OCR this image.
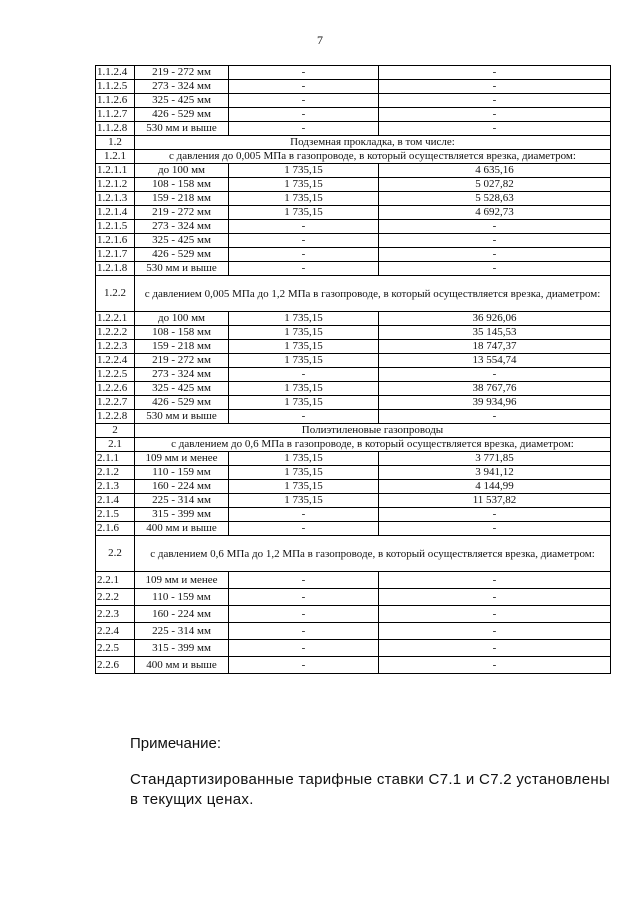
7
1.1.2.4	219 - 272 мм	-	-
1.1.2.5	273 - 324 мм	-	-
1.1.2.6	325 - 425 мм	-	-
1.1.2.7	426 - 529 мм	-	-
1.1.2.8	530 мм и выше	-	-
1.2	Подземная прокладка, в том числе:		
1.2.1	с давления до 0,005 МПа в газопроводе, в который осуществляется врезка, диаметром:		
1.2.1.1	до 100 мм	1 735,15	4 635,16
1.2.1.2	108 - 158 мм	1 735,15	5 027,82
1.2.1.3	159 - 218 мм	1 735,15	5 528,63
1.2.1.4	219 - 272 мм	1 735,15	4 692,73
1.2.1.5	273 - 324 мм	-	-
1.2.1.6	325 - 425 мм	-	-
1.2.1.7	426 - 529 мм	-	-
1.2.1.8	530 мм и выше	-	-
1.2.2	с давлением 0,005 МПа до 1,2 МПа в газопроводе, в который осуществляется врезка, диаметром:		
1.2.2.1	до 100 мм	1 735,15	36 926,06
1.2.2.2	108 - 158 мм	1 735,15	35 145,53
1.2.2.3	159 - 218 мм	1 735,15	18 747,37
1.2.2.4	219 - 272 мм	1 735,15	13 554,74
1.2.2.5	273 - 324 мм	-	-
1.2.2.6	325 - 425 мм	1 735,15	38 767,76
1.2.2.7	426 - 529 мм	1 735,15	39 934,96
1.2.2.8	530 мм и выше	-	-
2	Полиэтиленовые газопроводы		
2.1	с давлением до 0,6 МПа в газопроводе, в который осуществляется врезка, диаметром:		
2.1.1	109 мм и менее	1 735,15	3 771,85
2.1.2	110 - 159 мм	1 735,15	3 941,12
2.1.3	160 - 224 мм	1 735,15	4 144,99
2.1.4	225 - 314 мм	1 735,15	11 537,82
2.1.5	315 - 399 мм	-	-
2.1.6	400 мм и выше	-	-
2.2	с давлением 0,6 МПа до 1,2 МПа в газопроводе, в который осуществляется врезка, диаметром:		
2.2.1	109 мм и менее	-	-
2.2.2	110 - 159 мм	-	-
2.2.3	160 - 224 мм	-	-
2.2.4	225 - 314 мм	-	-
2.2.5	315 - 399 мм	-	-
2.2.6	400 мм и выше	-	-
Примечание:
Стандартизированные тарифные ставки С7.1 и С7.2 установлены в текущих ценах.
